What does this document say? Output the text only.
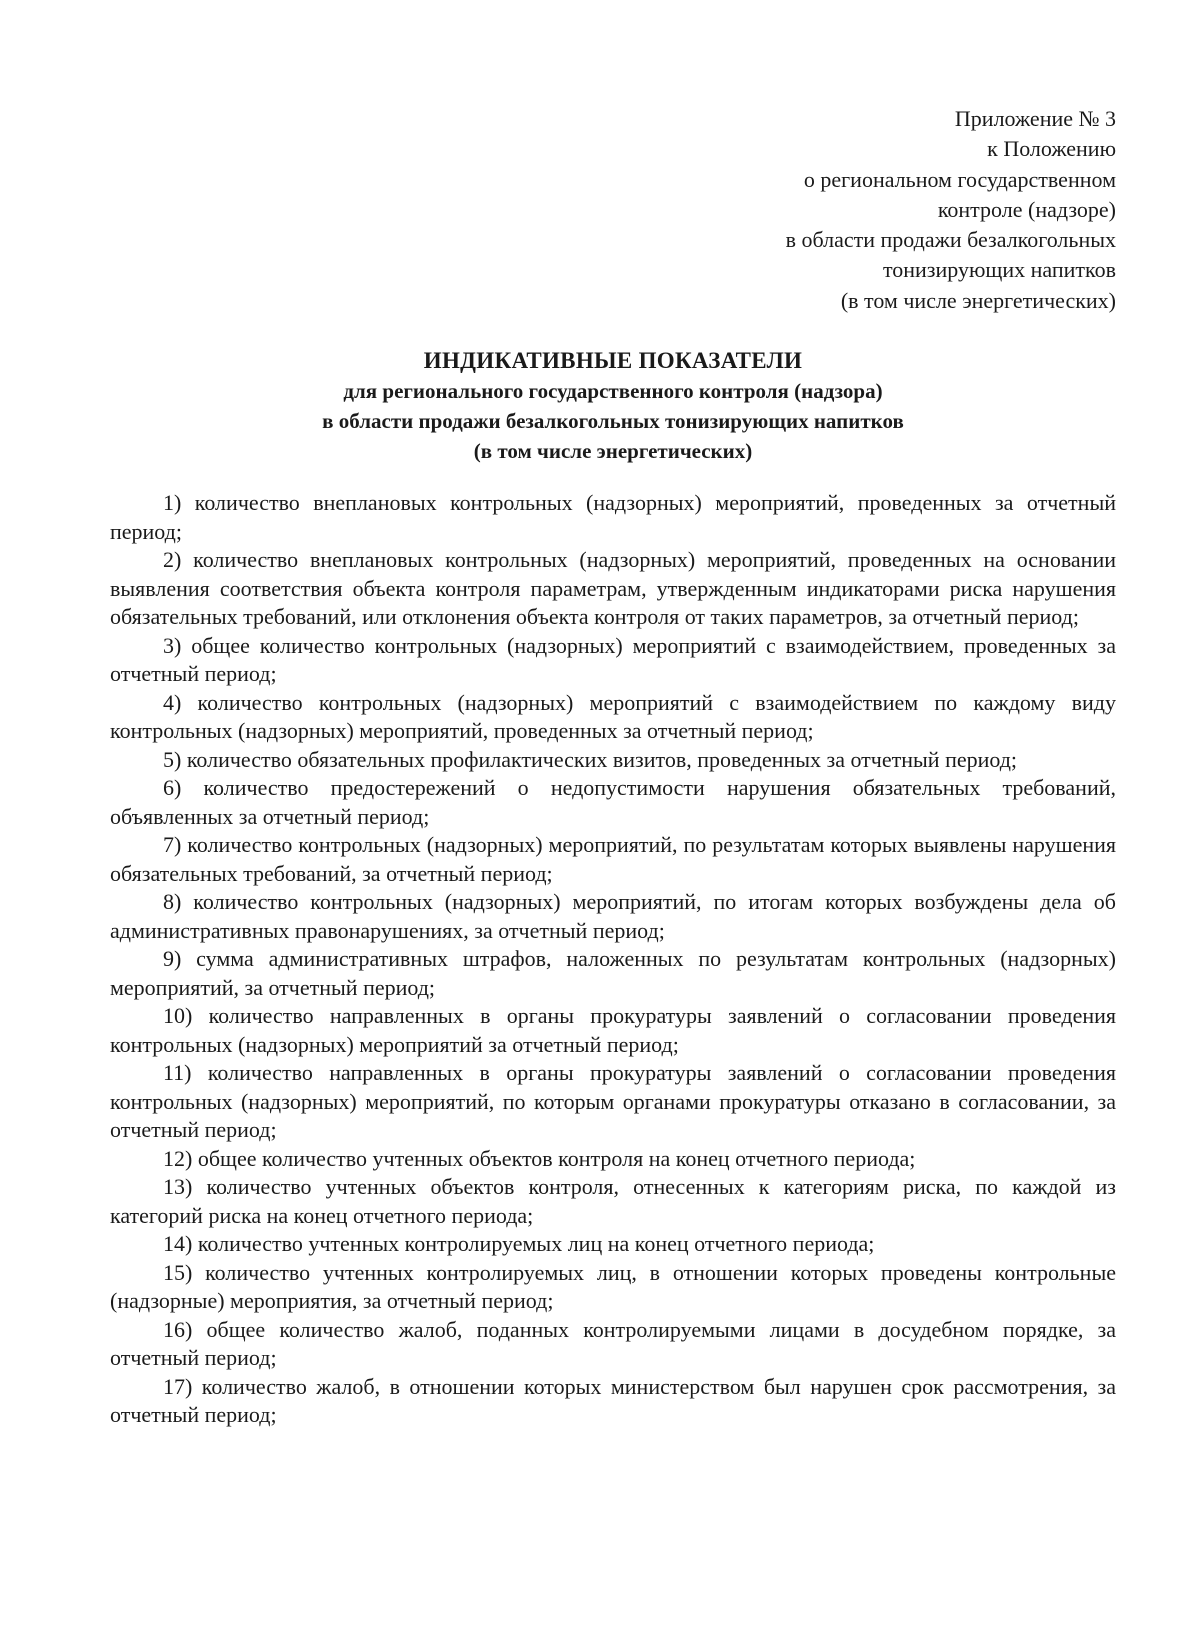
Приложение № 3
к Положению
о региональном государственном
контроле (надзоре)
в области продажи безалкогольных
тонизирующих напитков
(в том числе энергетических)
ИНДИКАТИВНЫЕ ПОКАЗАТЕЛИ
для регионального государственного контроля (надзора)
в области продажи безалкогольных тонизирующих напитков
(в том числе энергетических)

1) количество внеплановых контрольных (надзорных) мероприятий, проведенных за отчетный период;

2) количество внеплановых контрольных (надзорных) мероприятий, проведенных на основании выявления соответствия объекта контроля параметрам, утвержденным индикаторами риска нарушения обязательных требований, или отклонения объекта контроля от таких параметров, за отчетный период;

3) общее количество контрольных (надзорных) мероприятий с взаимодействием, проведенных за отчетный период;

4) количество контрольных (надзорных) мероприятий с взаимодействием по каждому виду контрольных (надзорных) мероприятий, проведенных за отчетный период;

5) количество обязательных профилактических визитов, проведенных за отчетный период;

6) количество предостережений о недопустимости нарушения обязательных требований, объявленных за отчетный период;

7) количество контрольных (надзорных) мероприятий, по результатам которых выявлены нарушения обязательных требований, за отчетный период;

8) количество контрольных (надзорных) мероприятий, по итогам которых возбуждены дела об административных правонарушениях, за отчетный период;

9) сумма административных штрафов, наложенных по результатам контрольных (надзорных) мероприятий, за отчетный период;

10) количество направленных в органы прокуратуры заявлений о согласовании проведения контрольных (надзорных) мероприятий за отчетный период;

11) количество направленных в органы прокуратуры заявлений о согласовании проведения контрольных (надзорных) мероприятий, по которым органами прокуратуры отказано в согласовании, за отчетный период;

12) общее количество учтенных объектов контроля на конец отчетного периода;

13) количество учтенных объектов контроля, отнесенных к категориям риска, по каждой из категорий риска на конец отчетного периода;

14) количество учтенных контролируемых лиц на конец отчетного периода;

15) количество учтенных контролируемых лиц, в отношении которых проведены контрольные (надзорные) мероприятия, за отчетный период;

16) общее количество жалоб, поданных контролируемыми лицами в досудебном порядке, за отчетный период;

17) количество жалоб, в отношении которых министерством был нарушен срок рассмотрения, за отчетный период;
